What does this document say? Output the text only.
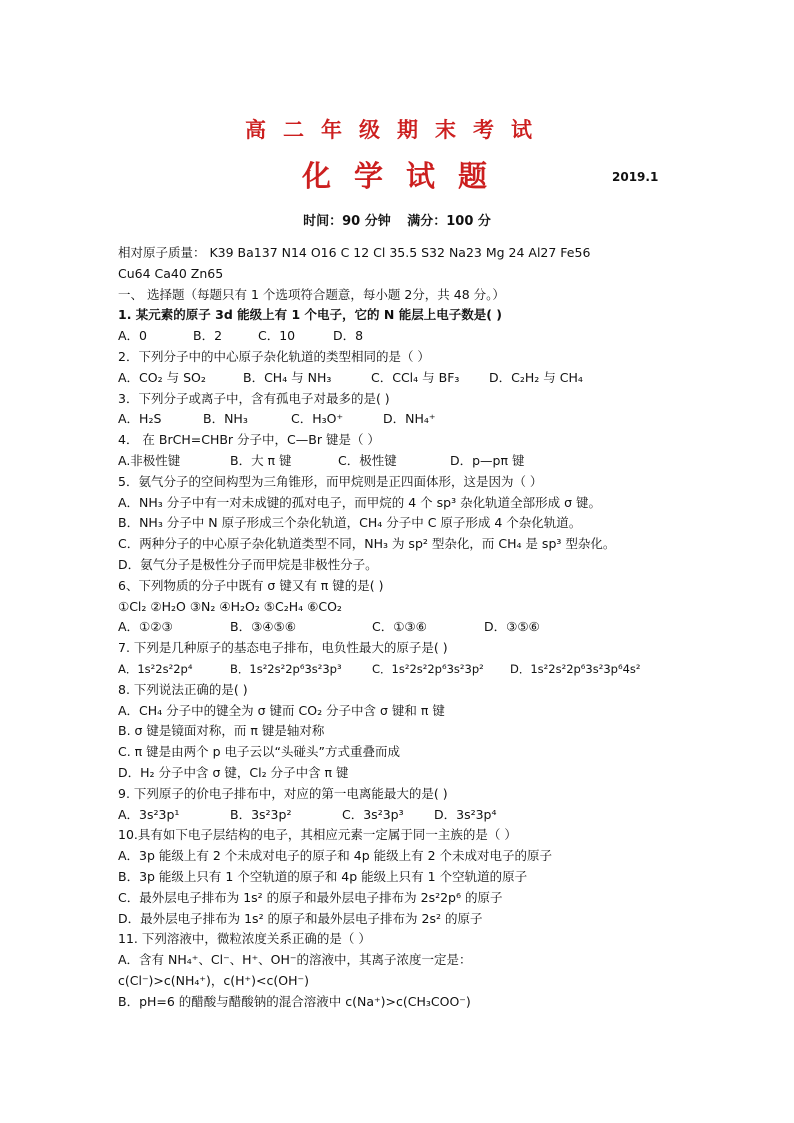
高二年级期末考试
化学试题	2019.1
时间：90 分钟 满分：100 分
相对原子质量： K39 Ba137 N14 O16 C 12 Cl 35.5 S32 Na23 Mg 24 Al27 Fe56
Cu64 Ca40 Zn65
一、 选择题（每题只有 1 个选项符合题意，每小题 2分，共 48 分。）
1. 某元素的原子 3d 能级上有 1 个电子，它的 N 能层上电子数是( )
A．0	B．2	C．10	D．8
2．下列分子中的中心原子杂化轨道的类型相同的是（ ）
A．CO₂ 与 SO₂	B．CH₄ 与 NH₃	C．CCl₄ 与 BF₃	D．C₂H₂ 与 CH₄
3．下列分子或离子中，含有孤电子对最多的是( )
A．H₂S	B．NH₃	C．H₃O⁺	D．NH₄⁺
4． 在 BrCH=CHBr 分子中，C—Br 键是（ ）
A.非极性键	B．大 π 键	C．极性键	D．p—pπ 键
5．氨气分子的空间构型为三角锥形，而甲烷则是正四面体形，这是因为（ ）
A．NH₃ 分子中有一对未成键的孤对电子，而甲烷的 4 个 sp³ 杂化轨道全部形成 σ 键。
B．NH₃ 分子中 N 原子形成三个杂化轨道，CH₄ 分子中 C 原子形成 4 个杂化轨道。
C．两种分子的中心原子杂化轨道类型不同，NH₃ 为 sp² 型杂化，而 CH₄ 是 sp³ 型杂化。
D．氨气分子是极性分子而甲烷是非极性分子。
6、下列物质的分子中既有 σ 键又有 π 键的是( )
①Cl₂ ②H₂O ③N₂ ④H₂O₂ ⑤C₂H₄ ⑥CO₂
A．①②③	B．③④⑤⑥	C．①③⑥	D．③⑤⑥
7. 下列是几种原子的基态电子排布，电负性最大的原子是( )
A．1s²2s²2p⁴	B．1s²2s²2p⁶3s²3p³	C．1s²2s²2p⁶3s²3p²	D．1s²2s²2p⁶3s²3p⁶4s²
8. 下列说法正确的是( )
A．CH₄ 分子中的键全为 σ 键而 CO₂ 分子中含 σ 键和 π 键
B. σ 键是镜面对称，而 π 键是轴对称
C. π 键是由两个 p 电子云以“头碰头”方式重叠而成
D．H₂ 分子中含 σ 键，Cl₂ 分子中含 π 键
9. 下列原子的价电子排布中，对应的第一电离能最大的是( )
A．3s²3p¹	B．3s²3p²	C．3s²3p³	D．3s²3p⁴
10.具有如下电子层结构的电子，其相应元素一定属于同一主族的是（ ）
A．3p 能级上有 2 个未成对电子的原子和 4p 能级上有 2 个未成对电子的原子
B．3p 能级上只有 1 个空轨道的原子和 4p 能级上只有 1 个空轨道的原子
C．最外层电子排布为 1s² 的原子和最外层电子排布为 2s²2p⁶ 的原子
D．最外层电子排布为 1s² 的原子和最外层电子排布为 2s² 的原子
11. 下列溶液中，微粒浓度关系正确的是（ ）
A．含有 NH₄⁺、Cl⁻、H⁺、OH⁻的溶液中，其离子浓度一定是：
c(Cl⁻)>c(NH₄⁺)，c(H⁺)<c(OH⁻)
B．pH=6 的醋酸与醋酸钠的混合溶液中 c(Na⁺)>c(CH₃COO⁻)
